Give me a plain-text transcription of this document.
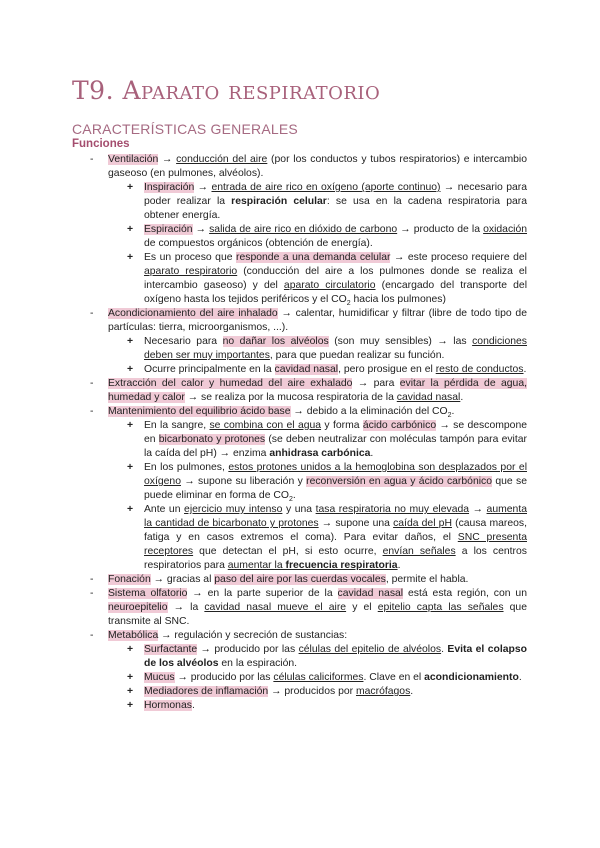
T9. Aparato respiratorio
CARACTERÍSTICAS GENERALES
Funciones
- Ventilación → conducción del aire (por los conductos y tubos respiratorios) e intercambio gaseoso (en pulmones, alvéolos).
+ Inspiración → entrada de aire rico en oxígeno (aporte continuo) → necesario para poder realizar la respiración celular: se usa en la cadena respiratoria para obtener energía.
+ Espiración → salida de aire rico en dióxido de carbono → producto de la oxidación de compuestos orgánicos (obtención de energía).
+ Es un proceso que responde a una demanda celular → este proceso requiere del aparato respiratorio (conducción del aire a los pulmones donde se realiza el intercambio gaseoso) y del aparato circulatorio (encargado del transporte del oxígeno hasta los tejidos periféricos y el $CO_2$ hacia los pulmones)
- Acondicionamiento del aire inhalado → calentar, humidificar y filtrar (libre de todo tipo de partículas: tierra, microorganismos, ...).
+ Necesario para no dañar los alvéolos (son muy sensibles) → las condiciones deben ser muy importantes, para que puedan realizar su función.
+ Ocurre principalmente en la cavidad nasal, pero prosigue en el resto de conductos.
- Extracción del calor y humedad del aire exhalado → para evitar la pérdida de agua, humedad y calor → se realiza por la mucosa respiratoria de la cavidad nasal.
- Mantenimiento del equilibrio ácido base → debido a la eliminación del $CO_2$.
+ En la sangre, se combina con el agua y forma ácido carbónico → se descompone en bicarbonato y protones (se deben neutralizar con moléculas tampón para evitar la caída del pH) → enzima anhidrasa carbónica.
+ En los pulmones, estos protones unidos a la hemoglobina son desplazados por el oxígeno → supone su liberación y reconversión en agua y ácido carbónico que se puede eliminar en forma de $CO_2$.
+ Ante un ejercicio muy intenso y una tasa respiratoria no muy elevada → aumenta la cantidad de bicarbonato y protones → supone una caída del pH (causa mareos, fatiga y en casos extremos el coma). Para evitar daños, el SNC presenta receptores que detectan el pH, si esto ocurre, envían señales a los centros respiratorios para aumentar la frecuencia respiratoria.
- Fonación → gracias al paso del aire por las cuerdas vocales, permite el habla.
- Sistema olfatorio → en la parte superior de la cavidad nasal está esta región, con un neuroepitelio → la cavidad nasal mueve el aire y el epitelio capta las señales que transmite al SNC.
- Metabólica → regulación y secreción de sustancias:
+ Surfactante → producido por las células del epitelio de alvéolos. Evita el colapso de los alvéolos en la espiración.
+ Mucus → producido por las células caliciformes. Clave en el acondicionamiento.
+ Mediadores de inflamación → producidos por macrófagos.
+ Hormonas.
